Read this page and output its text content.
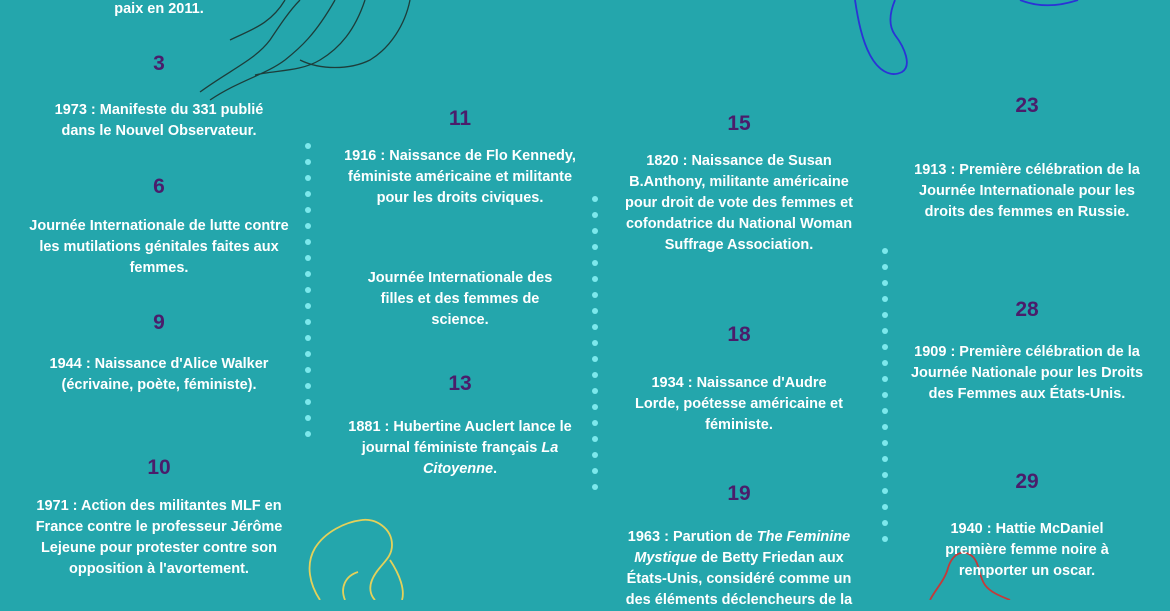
paix en 2011.
3
1973 : Manifeste du 331 publié dans le Nouvel Observateur.
6
Journée Internationale de lutte contre les mutilations génitales faites aux femmes.
9
1944 : Naissance d'Alice Walker (écrivaine, poète, féministe).
10
1971 : Action des militantes MLF en France contre le professeur Jérôme Lejeune pour protester contre son opposition à l'avortement.
11
1916 : Naissance de Flo Kennedy, féministe américaine et militante pour les droits civiques.
Journée Internationale des filles et des femmes de science.
13
1881 : Hubertine Auclert lance le journal féministe français La Citoyenne.
15
1820 : Naissance de Susan B.Anthony, militante américaine pour droit de vote des femmes et cofondatrice du National Woman Suffrage Association.
18
1934 : Naissance d'Audre Lorde, poétesse américaine et féministe.
19
1963 : Parution de The Feminine Mystique de Betty Friedan aux États-Unis, considéré comme un des éléments déclencheurs de la
23
1913 : Première célébration de la Journée Internationale pour les droits des femmes en Russie.
28
1909 : Première célébration de la Journée Nationale pour les Droits des Femmes aux États-Unis.
29
1940 : Hattie McDaniel première femme noire à remporter un oscar.
